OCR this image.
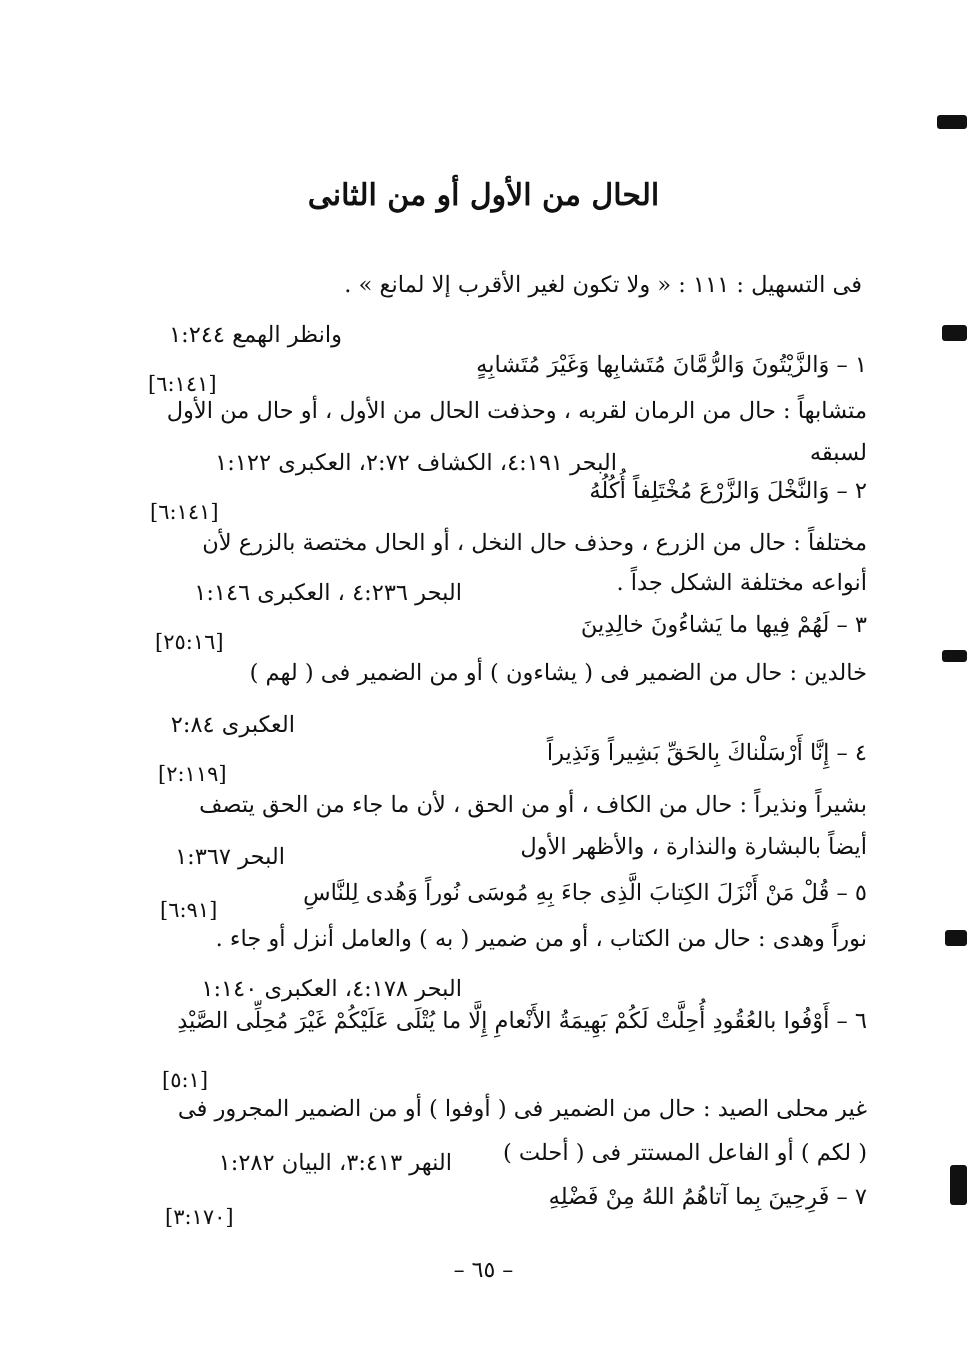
الحال من الأول أو من الثانى
فى التسهيل : ١١١ : « ولا تكون لغير الأقرب إلا لمانع » .
وانظر الهمع ١:٢٤٤
١ – وَالزَّيْتُونَ وَالرُّمَّانَ مُتَشابِها وَغَيْرَ مُتَشابِهٍ
[٦:١٤١]
متشابهاً : حال من الرمان لقربه ، وحذفت الحال من الأول ، أو حال من الأول
لسبقه
البحر ٤:١٩١، الكشاف ٢:٧٢، العكبرى ١:١٢٢
٢ – وَالنَّخْلَ وَالزَّرْعَ مُخْتَلِفاً أُكُلُهُ
[٦:١٤١]
مختلفاً : حال من الزرع ، وحذف حال النخل ، أو الحال مختصة بالزرع لأن
أنواعه مختلفة الشكل جداً .
البحر ٤:٢٣٦ ، العكبرى ١:١٤٦
٣ – لَهُمْ فِيها ما يَشاءُونَ خالِدِينَ
[٢٥:١٦]
خالدين : حال من الضمير فى ( يشاءون ) أو من الضمير فى ( لهم )
العكبرى ٢:٨٤
٤ – إِنَّا أَرْسَلْناكَ بِالحَقِّ بَشِيراً وَنَذِيراً
[٢:١١٩]
بشيراً ونذيراً : حال من الكاف ، أو من الحق ، لأن ما جاء من الحق يتصف
أيضاً بالبشارة والنذارة ، والأظهر الأول
البحر ١:٣٦٧
٥ – قُلْ مَنْ أَنْزَلَ الكِتابَ الَّذِى جاءَ بِهِ مُوسَى نُوراً وَهُدى لِلنَّاسِ
[٦:٩١]
نوراً وهدى : حال من الكتاب ، أو من ضمير ( به ) والعامل أنزل أو جاء .
البحر ٤:١٧٨، العكبرى ١:١٤٠
٦ – أَوْفُوا بالعُقُودِ أُحِلَّتْ لَكُمْ بَهِيمَةُ الأَنْعامِ إِلَّا ما يُتْلَى عَلَيْكُمْ غَيْرَ مُحِلِّى الصَّيْدِ
[٥:١]
غير محلى الصيد : حال من الضمير فى ( أوفوا ) أو من الضمير المجرور فى
( لكم ) أو الفاعل المستتر فى ( أحلت )
النهر ٣:٤١٣، البيان ١:٢٨٢
٧ – فَرِحِينَ بِما آتاهُمُ اللهُ مِنْ فَضْلِهِ
[٣:١٧٠]
– ٦٥ –
